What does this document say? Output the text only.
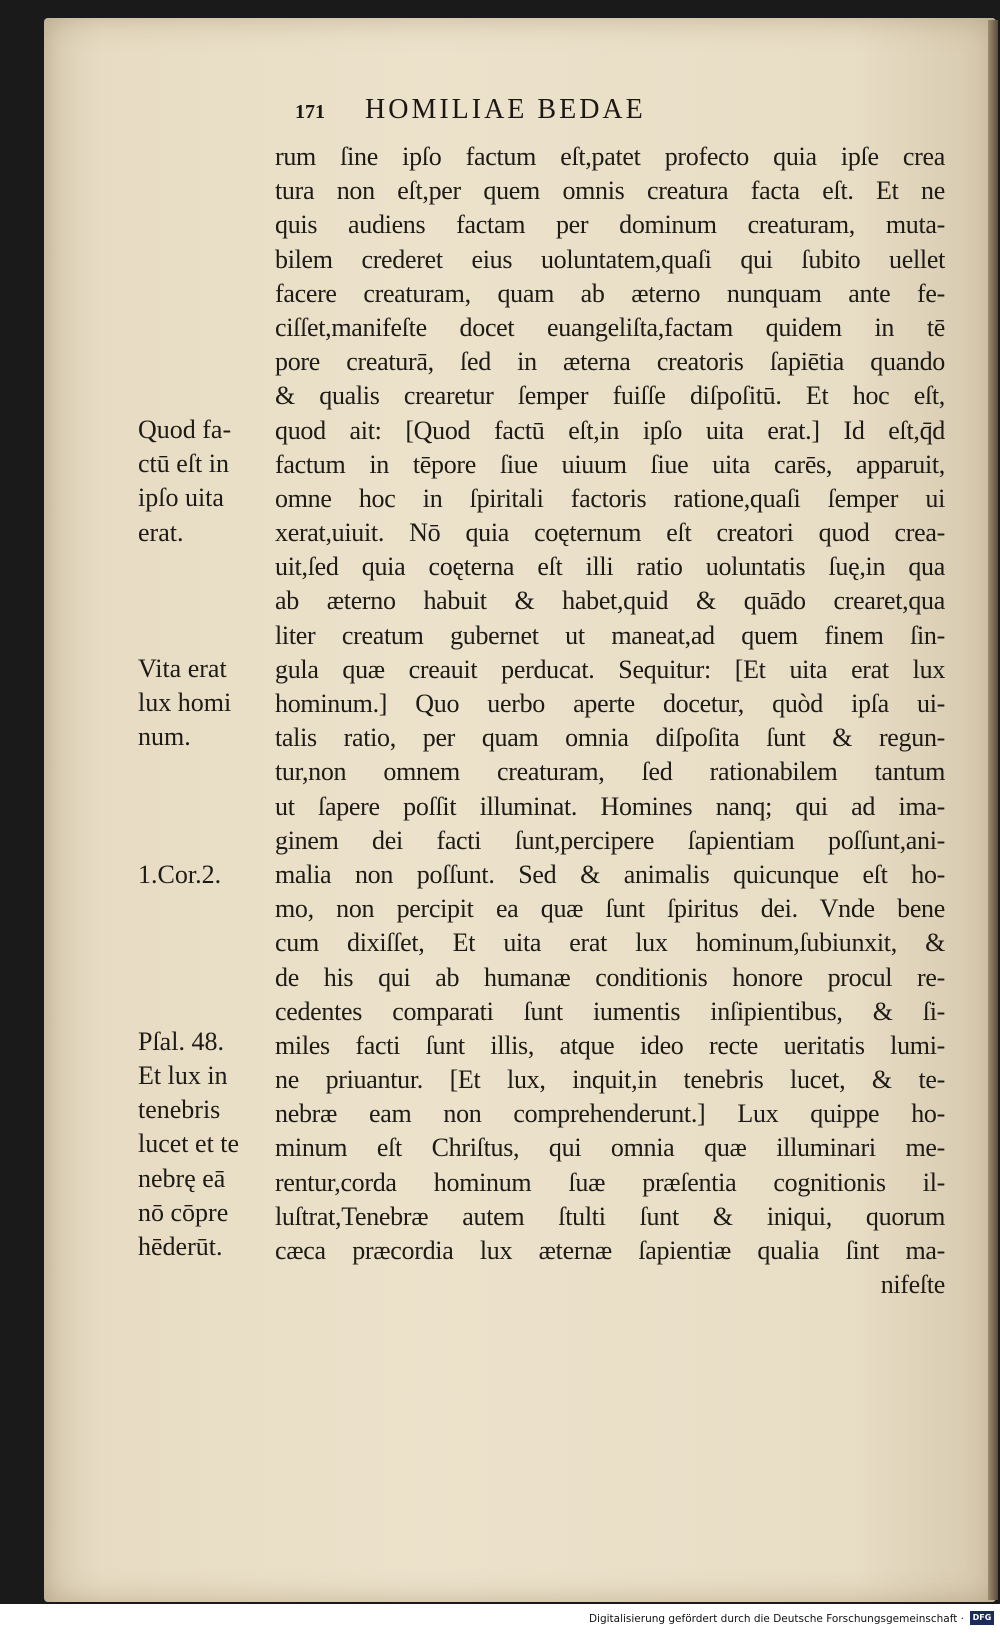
171 HOMILIAE BEDAE
rum ſine ipſo factum eſt,patet profecto quia ipſe crea
tura non eſt,per quem omnis creatura facta eſt. Et ne
quis audiens factam per dominum creaturam, muta-
bilem crederet eius uoluntatem,quaſi qui ſubito uellet
facere creaturam, quam ab æterno nunquam ante fe-
ciſſet,manifeſte docet euangeliſta,factam quidem in tē
pore creaturā, ſed in æterna creatoris ſapiētia quando
& qualis crearetur ſemper fuiſſe diſpoſitū. Et hoc eſt,
quod ait: [Quod factū eſt,in ipſo uita erat.] Id eſt,q̄d
factum in tēpore ſiue uiuum ſiue uita carēs, apparuit,
omne hoc in ſpiritali factoris ratione,quaſi ſemper ui
xerat,uiuit. Nō quia coęternum eſt creatori quod crea-
uit,ſed quia coęterna eſt illi ratio uoluntatis ſuę,in qua
ab æterno habuit & habet,quid & quādo crearet,qua
liter creatum gubernet ut maneat,ad quem finem ſin-
gula quæ creauit perducat. Sequitur: [Et uita erat lux
hominum.] Quo uerbo aperte docetur, quòd ipſa ui-
talis ratio, per quam omnia diſpoſita ſunt & regun-
tur,non omnem creaturam, ſed rationabilem tantum
ut ſapere poſſit illuminat. Homines nanq; qui ad ima-
ginem dei facti ſunt,percipere ſapientiam poſſunt,ani-
malia non poſſunt. Sed & animalis quicunque eſt ho-
mo, non percipit ea quæ ſunt ſpiritus dei. Vnde bene
cum dixiſſet, Et uita erat lux hominum,ſubiunxit, &
de his qui ab humanæ conditionis honore procul re-
cedentes comparati ſunt iumentis inſipientibus, & ſi-
miles facti ſunt illis, atque ideo recte ueritatis lumi-
ne priuantur. [Et lux, inquit,in tenebris lucet, & te-
nebræ eam non comprehenderunt.] Lux quippe ho-
minum eſt Chriſtus, qui omnia quæ illuminari me-
rentur,corda hominum ſuæ præſentia cognitionis il-
luſtrat,Tenebræ autem ſtulti ſunt & iniqui, quorum
cæca præcordia lux æternæ ſapientiæ qualia ſint ma-
nifeſte
Quod fa-
ctū eſt in
ipſo uita
erat.
Vita erat
lux homi
num.
1.Cor.2.
Pſal. 48.
Et lux in
tenebris
lucet et te
nebrę eā
nō cōpre
hēderūt.
Digitalisierung gefördert durch die Deutsche Forschungsgemeinschaft ·	DFG
